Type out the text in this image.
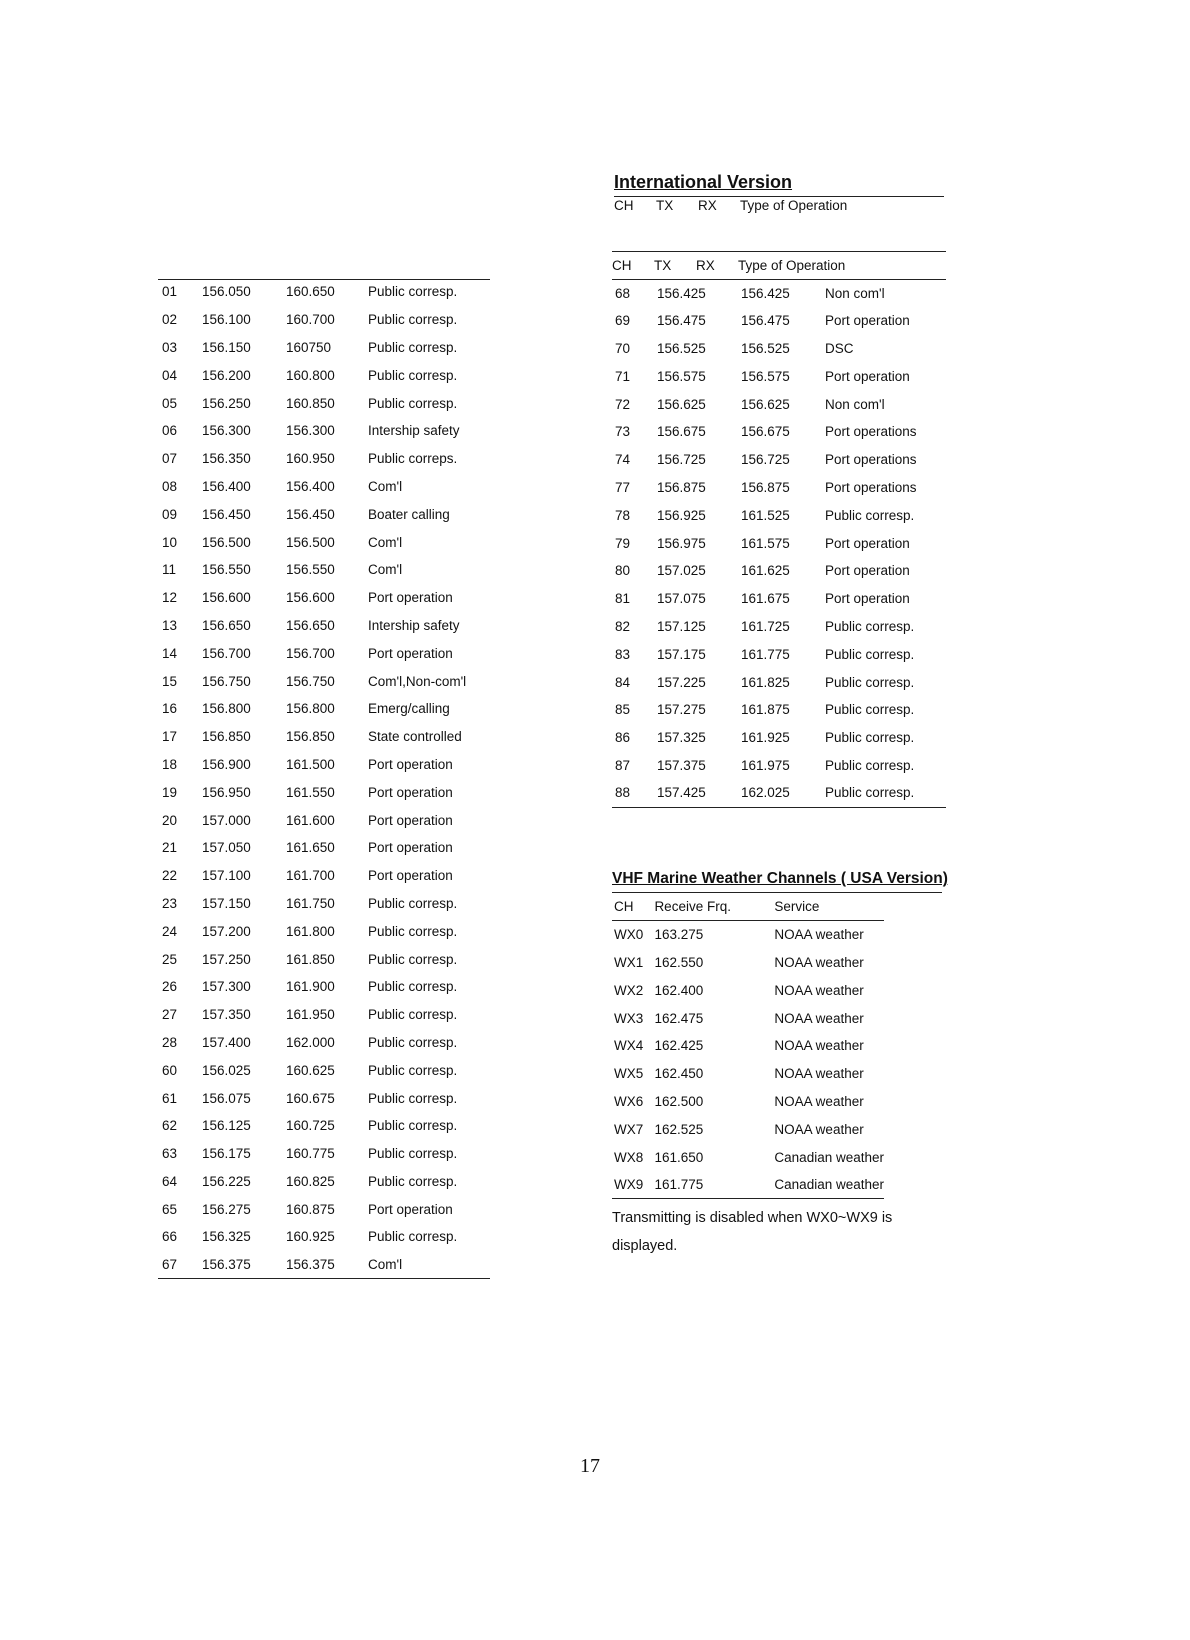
01	156.050	160.650	Public corresp.
02	156.100	160.700	Public corresp.
03	156.150	160750	Public corresp.
04	156.200	160.800	Public corresp.
05	156.250	160.850	Public corresp.
06	156.300	156.300	Intership safety
07	156.350	160.950	Public correps.
08	156.400	156.400	Com'l
09	156.450	156.450	Boater calling
10	156.500	156.500	Com'l
11	156.550	156.550	Com'l
12	156.600	156.600	Port operation
13	156.650	156.650	Intership safety
14	156.700	156.700	Port operation
15	156.750	156.750	Com'l,Non-com'l
16	156.800	156.800	Emerg/calling
17	156.850	156.850	State controlled
18	156.900	161.500	Port operation
19	156.950	161.550	Port operation
20	157.000	161.600	Port operation
21	157.050	161.650	Port operation
22	157.100	161.700	Port operation
23	157.150	161.750	Public corresp.
24	157.200	161.800	Public corresp.
25	157.250	161.850	Public corresp.
26	157.300	161.900	Public corresp.
27	157.350	161.950	Public corresp.
28	157.400	162.000	Public corresp.
60	156.025	160.625	Public corresp.
61	156.075	160.675	Public corresp.
62	156.125	160.725	Public corresp.
63	156.175	160.775	Public corresp.
64	156.225	160.825	Public corresp.
65	156.275	160.875	Port operation
66	156.325	160.925	Public corresp.
67	156.375	156.375	Com'l
International Version
CH TX RX Type of Operation
CH TX RX Type of Operation			
68	156.425	156.425	Non com'l
69	156.475	156.475	Port operation
70	156.525	156.525	DSC
71	156.575	156.575	Port operation
72	156.625	156.625	Non com'l
73	156.675	156.675	Port operations
74	156.725	156.725	Port operations
77	156.875	156.875	Port operations
78	156.925	161.525	Public corresp.
79	156.975	161.575	Port operation
80	157.025	161.625	Port operation
81	157.075	161.675	Port operation
82	157.125	161.725	Public corresp.
83	157.175	161.775	Public corresp.
84	157.225	161.825	Public corresp.
85	157.275	161.875	Public corresp.
86	157.325	161.925	Public corresp.
87	157.375	161.975	Public corresp.
88	157.425	162.025	Public corresp.
VHF Marine Weather Channels ( USA Version)
CH	Receive Frq.	Service
WX0	163.275	NOAA weather
WX1	162.550	NOAA weather
WX2	162.400	NOAA weather
WX3	162.475	NOAA weather
WX4	162.425	NOAA weather
WX5	162.450	NOAA weather
WX6	162.500	NOAA weather
WX7	162.525	NOAA weather
WX8	161.650	Canadian weather
WX9	161.775	Canadian weather
Transmitting is disabled when WX0~WX9 is displayed.
17
